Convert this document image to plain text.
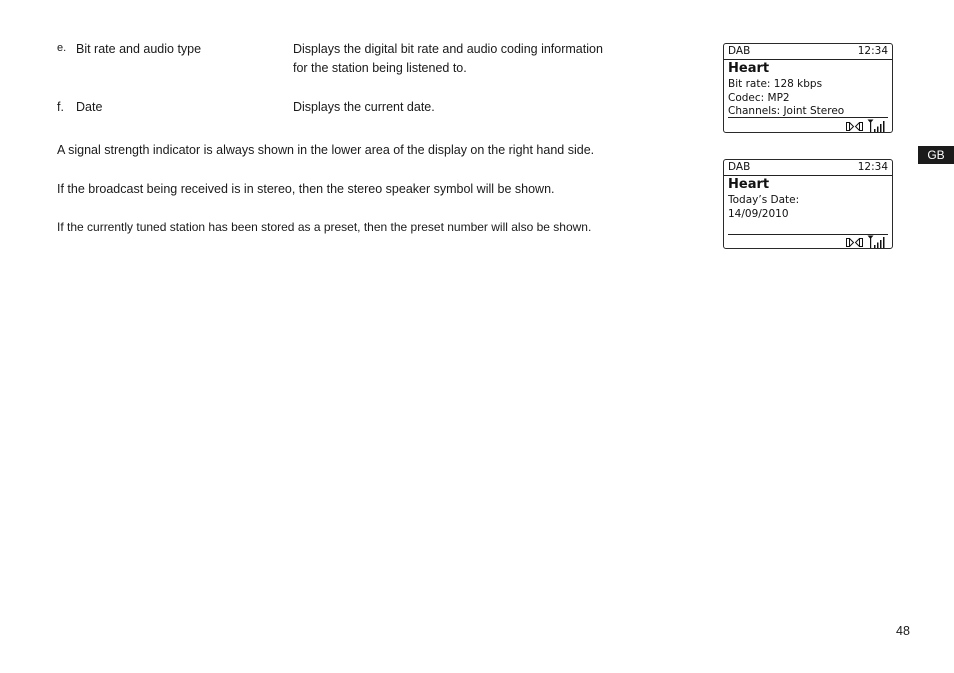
e. Bit rate and audio type	Displays the digital bit rate and audio coding information
for the station being listened to.
f. Date	Displays the current date.
A signal strength indicator is always shown in the lower area of the display on the right hand side.
If the broadcast being received is in stereo, then the stereo speaker symbol will be shown.
If the currently tuned station has been stored as a preset, then the preset number will also be shown.
DAB	12:34
Heart
Bit rate: 128 kbps
Codec: MP2
Channels: Joint Stereo
DAB	12:34
Heart
Today’s Date:
14/09/2010
GB
48
